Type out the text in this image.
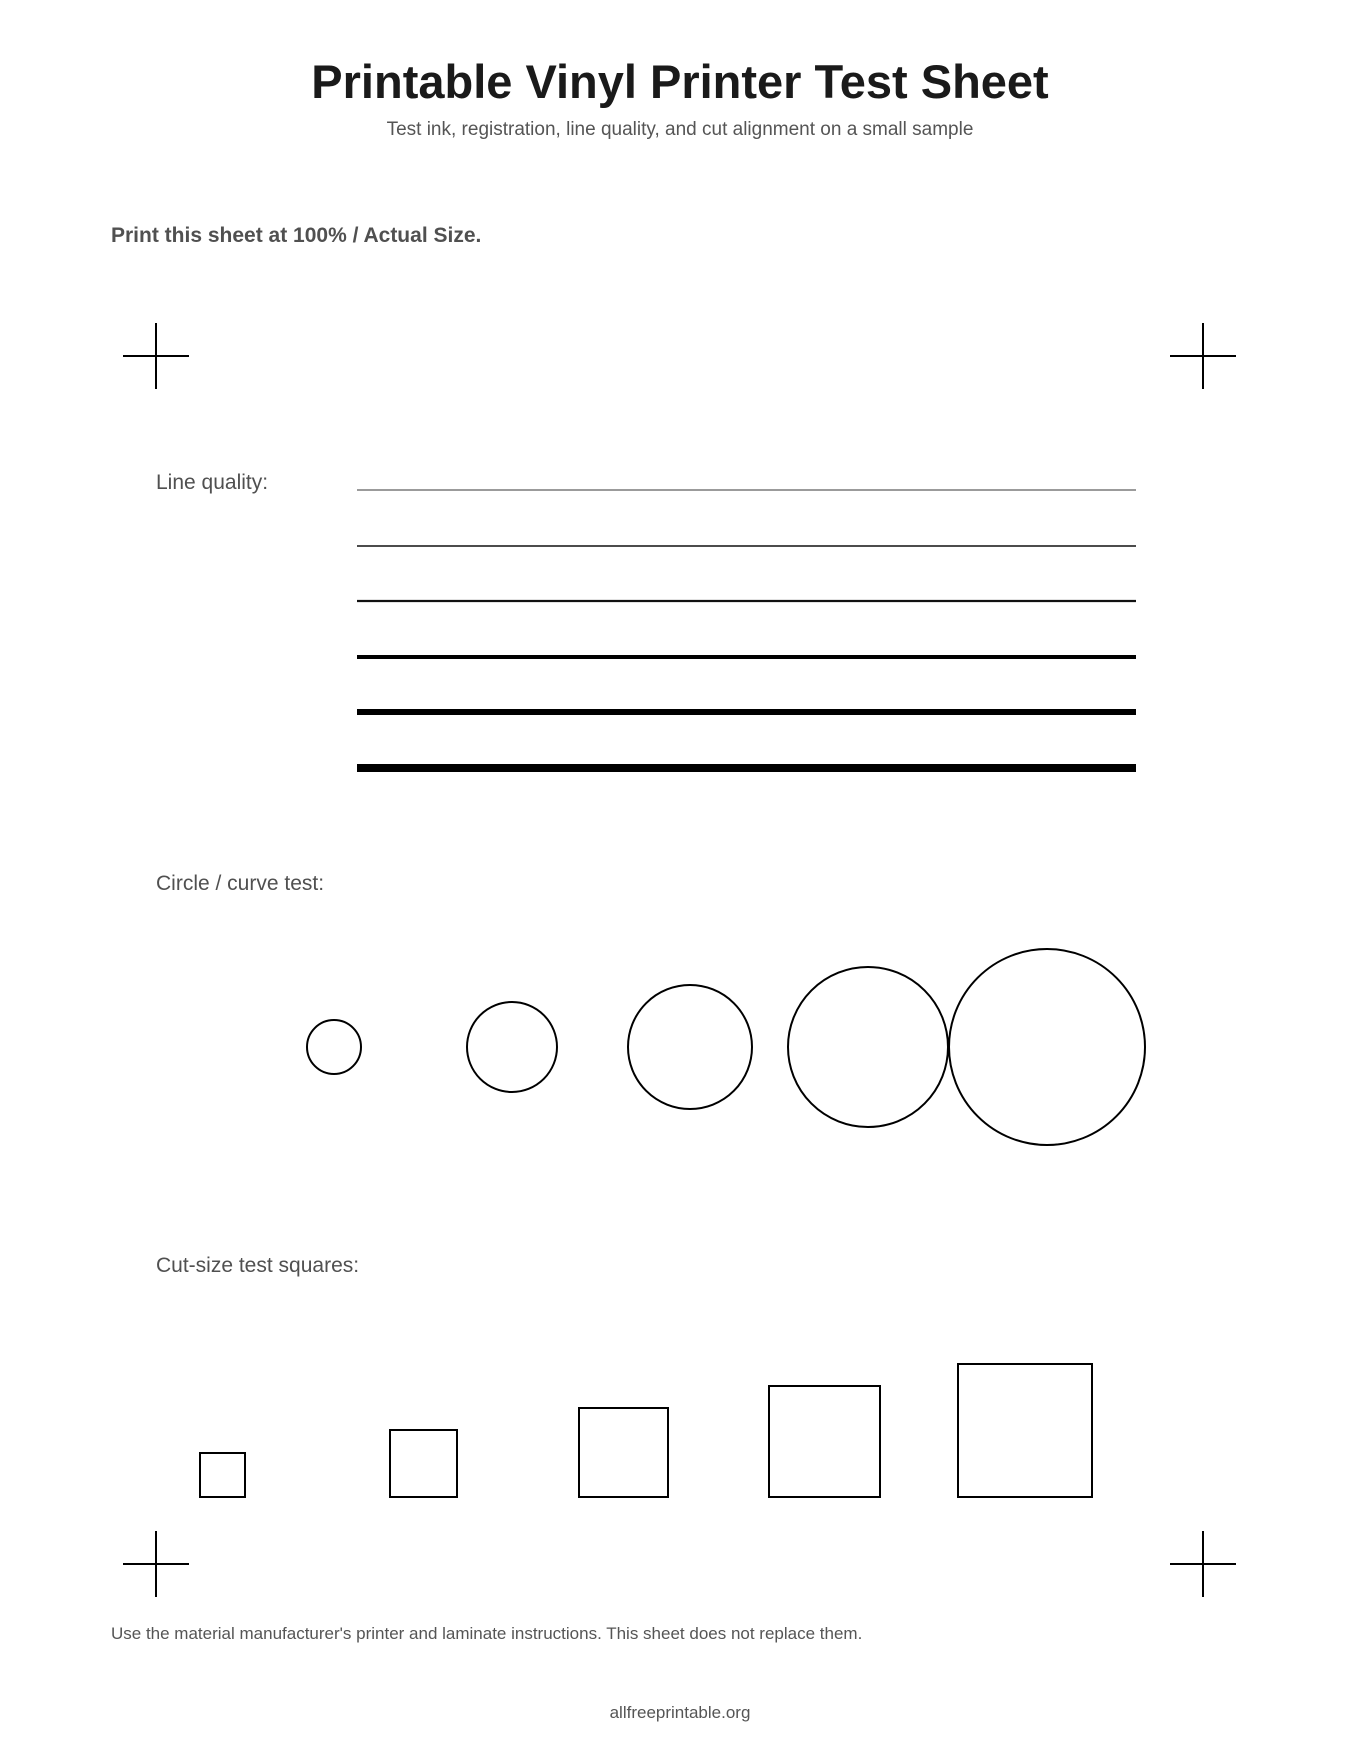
Printable Vinyl Printer Test Sheet
Test ink, registration, line quality, and cut alignment on a small sample
Print this sheet at 100% / Actual Size.
Line quality:
Circle / curve test:
Cut-size test squares:
Use the material manufacturer's printer and laminate instructions. This sheet does not replace them.
allfreeprintable.org
